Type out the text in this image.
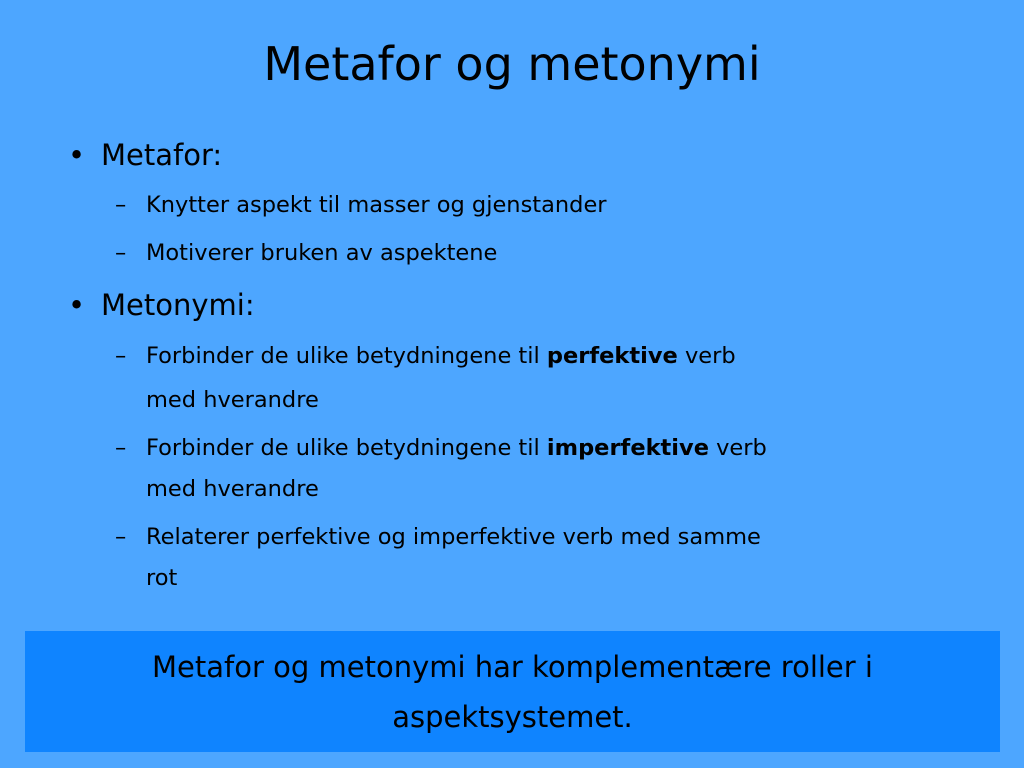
Metafor og metonymi
• Metafor:
– Knytter aspekt til masser og gjenstander
– Motiverer bruken av aspektene
• Metonymi:
– Forbinder de ulike betydningene til perfektive verb
med hverandre
– Forbinder de ulike betydningene til imperfektive verb
med hverandre
– Relaterer perfektive og imperfektive verb med samme
rot
Metafor og metonymi har komplementære roller i aspektsystemet.
